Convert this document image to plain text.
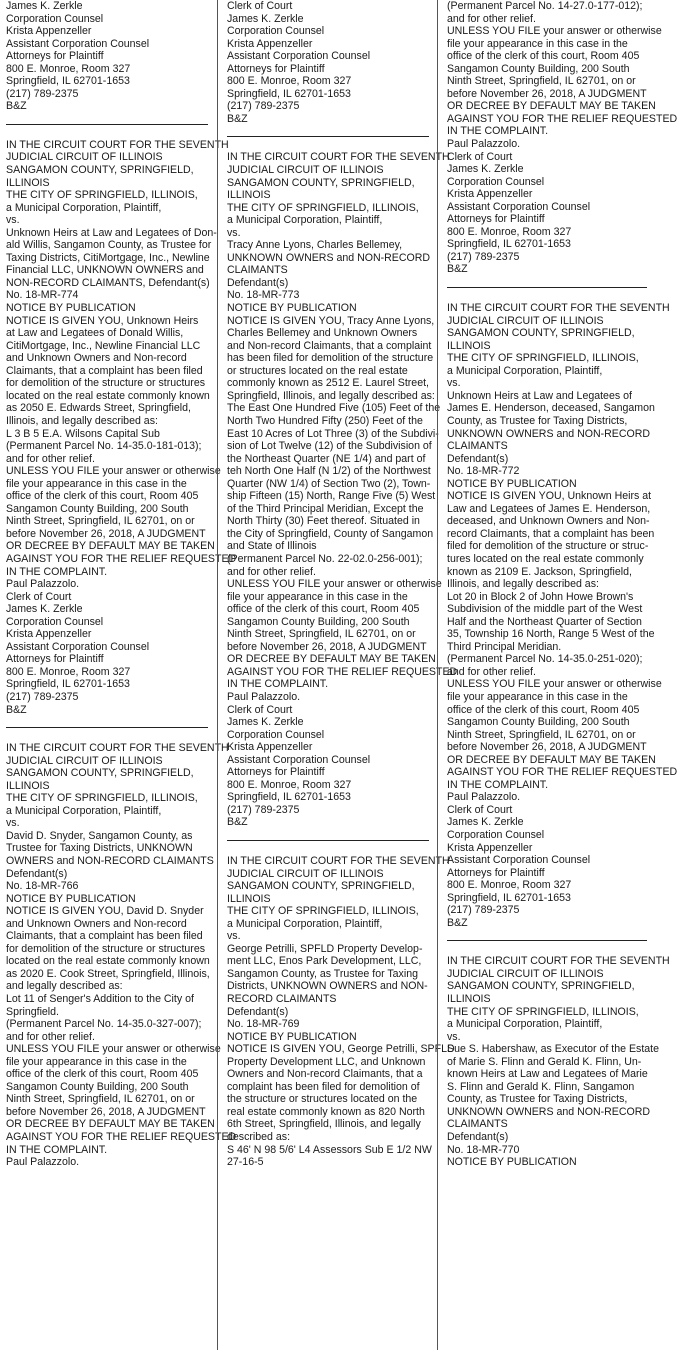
James K. Zerkle
Corporation Counsel
Krista Appenzeller
Assistant Corporation Counsel
Attorneys for Plaintiff
800 E. Monroe, Room 327
Springfield, IL 62701-1653
(217) 789-2375
B&Z
IN THE CIRCUIT COURT FOR THE SEVENTH
JUDICIAL CIRCUIT OF ILLINOIS
SANGAMON COUNTY, SPRINGFIELD,
ILLINOIS
THE CITY OF SPRINGFIELD, ILLINOIS,
a Municipal Corporation, Plaintiff,
vs.
Unknown Heirs at Law and Legatees of Don-
ald Willis, Sangamon County, as Trustee for
Taxing Districts, CitiMortgage, Inc., Newline
Financial LLC, UNKNOWN OWNERS and
NON-RECORD CLAIMANTS, Defendant(s)
No. 18-MR-774
NOTICE BY PUBLICATION
NOTICE IS GIVEN YOU, Unknown Heirs
at Law and Legatees of Donald Willis,
CitiMortgage, Inc., Newline Financial LLC
and Unknown Owners and Non-record
Claimants, that a complaint has been filed
for demolition of the structure or structures
located on the real estate commonly known
as 2050 E. Edwards Street, Springfield,
Illinois, and legally described as:
L 3 B 5 E.A. Wilsons Capital Sub
(Permanent Parcel No. 14-35.0-181-013);
and for other relief.
UNLESS YOU FILE your answer or otherwise
file your appearance in this case in the
office of the clerk of this court, Room 405
Sangamon County Building, 200 South
Ninth Street, Springfield, IL 62701, on or
before November 26, 2018, A JUDGMENT
OR DECREE BY DEFAULT MAY BE TAKEN
AGAINST YOU FOR THE RELIEF REQUESTED
IN THE COMPLAINT.
Paul Palazzolo.
Clerk of Court
James K. Zerkle
Corporation Counsel
Krista Appenzeller
Assistant Corporation Counsel
Attorneys for Plaintiff
800 E. Monroe, Room 327
Springfield, IL 62701-1653
(217) 789-2375
B&Z
IN THE CIRCUIT COURT FOR THE SEVENTH
JUDICIAL CIRCUIT OF ILLINOIS
SANGAMON COUNTY, SPRINGFIELD,
ILLINOIS
THE CITY OF SPRINGFIELD, ILLINOIS,
a Municipal Corporation, Plaintiff,
vs.
David D. Snyder, Sangamon County, as
Trustee for Taxing Districts, UNKNOWN
OWNERS and NON-RECORD CLAIMANTS
Defendant(s)
No. 18-MR-766
NOTICE BY PUBLICATION
NOTICE IS GIVEN YOU, David D. Snyder
and Unknown Owners and Non-record
Claimants, that a complaint has been filed
for demolition of the structure or structures
located on the real estate commonly known
as 2020 E. Cook Street, Springfield, Illinois,
and legally described as:
Lot 11 of Senger's Addition to the City of
Springfield.
(Permanent Parcel No. 14-35.0-327-007);
and for other relief.
UNLESS YOU FILE your answer or otherwise
file your appearance in this case in the
office of the clerk of this court, Room 405
Sangamon County Building, 200 South
Ninth Street, Springfield, IL 62701, on or
before November 26, 2018, A JUDGMENT
OR DECREE BY DEFAULT MAY BE TAKEN
AGAINST YOU FOR THE RELIEF REQUESTED
IN THE COMPLAINT.
Paul Palazzolo.
Clerk of Court
James K. Zerkle
Corporation Counsel
Krista Appenzeller
Assistant Corporation Counsel
Attorneys for Plaintiff
800 E. Monroe, Room 327
Springfield, IL 62701-1653
(217) 789-2375
B&Z
IN THE CIRCUIT COURT FOR THE SEVENTH
JUDICIAL CIRCUIT OF ILLINOIS
SANGAMON COUNTY, SPRINGFIELD,
ILLINOIS
THE CITY OF SPRINGFIELD, ILLINOIS,
a Municipal Corporation, Plaintiff,
vs.
Tracy Anne Lyons, Charles Bellemey,
UNKNOWN OWNERS and NON-RECORD
CLAIMANTS
Defendant(s)
No. 18-MR-773
NOTICE BY PUBLICATION
NOTICE IS GIVEN YOU, Tracy Anne Lyons,
Charles Bellemey and Unknown Owners
and Non-record Claimants, that a complaint
has been filed for demolition of the structure
or structures located on the real estate
commonly known as 2512 E. Laurel Street,
Springfield, Illinois, and legally described as:
The East One Hundred Five (105) Feet of the
North Two Hundred Fifty (250) Feet of the
East 10 Acres of Lot Three (3) of the Subdivi-
sion of Lot Twelve (12) of the Subdivision of
the Northeast Quarter (NE 1/4) and part of
teh North One Half (N 1/2) of the Northwest
Quarter (NW 1/4) of Section Two (2), Town-
ship Fifteen (15) North, Range Five (5) West
of the Third Principal Meridian, Except the
North Thirty (30) Feet thereof. Situated in
the City of Springfield, County of Sangamon
and State of Illinois
(Permanent Parcel No. 22-02.0-256-001);
and for other relief.
UNLESS YOU FILE your answer or otherwise
file your appearance in this case in the
office of the clerk of this court, Room 405
Sangamon County Building, 200 South
Ninth Street, Springfield, IL 62701, on or
before November 26, 2018, A JUDGMENT
OR DECREE BY DEFAULT MAY BE TAKEN
AGAINST YOU FOR THE RELIEF REQUESTED
IN THE COMPLAINT.
Paul Palazzolo.
Clerk of Court
James K. Zerkle
Corporation Counsel
Krista Appenzeller
Assistant Corporation Counsel
Attorneys for Plaintiff
800 E. Monroe, Room 327
Springfield, IL 62701-1653
(217) 789-2375
B&Z
IN THE CIRCUIT COURT FOR THE SEVENTH
JUDICIAL CIRCUIT OF ILLINOIS
SANGAMON COUNTY, SPRINGFIELD,
ILLINOIS
THE CITY OF SPRINGFIELD, ILLINOIS,
a Municipal Corporation, Plaintiff,
vs.
George Petrilli, SPFLD Property Develop-
ment LLC, Enos Park Development, LLC,
Sangamon County, as Trustee for Taxing
Districts, UNKNOWN OWNERS and NON-
RECORD CLAIMANTS
Defendant(s)
No. 18-MR-769
NOTICE BY PUBLICATION
NOTICE IS GIVEN YOU, George Petrilli, SPFLD
Property Development LLC, and Unknown
Owners and Non-record Claimants, that a
complaint has been filed for demolition of
the structure or structures located on the
real estate commonly known as 820 North
6th Street, Springfield, Illinois, and legally
described as:
S 46' N 98 5/6' L4 Assessors Sub E 1/2 NW
27-16-5
(Permanent Parcel No. 14-27.0-177-012);
and for other relief.
UNLESS YOU FILE your answer or otherwise
file your appearance in this case in the
office of the clerk of this court, Room 405
Sangamon County Building, 200 South
Ninth Street, Springfield, IL 62701, on or
before November 26, 2018, A JUDGMENT
OR DECREE BY DEFAULT MAY BE TAKEN
AGAINST YOU FOR THE RELIEF REQUESTED
IN THE COMPLAINT.
Paul Palazzolo.
Clerk of Court
James K. Zerkle
Corporation Counsel
Krista Appenzeller
Assistant Corporation Counsel
Attorneys for Plaintiff
800 E. Monroe, Room 327
Springfield, IL 62701-1653
(217) 789-2375
B&Z
IN THE CIRCUIT COURT FOR THE SEVENTH
JUDICIAL CIRCUIT OF ILLINOIS
SANGAMON COUNTY, SPRINGFIELD,
ILLINOIS
THE CITY OF SPRINGFIELD, ILLINOIS,
a Municipal Corporation, Plaintiff,
vs.
Unknown Heirs at Law and Legatees of
James E. Henderson, deceased, Sangamon
County, as Trustee for Taxing Districts,
UNKNOWN OWNERS and NON-RECORD
CLAIMANTS
Defendant(s)
No. 18-MR-772
NOTICE BY PUBLICATION
NOTICE IS GIVEN YOU, Unknown Heirs at
Law and Legatees of James E. Henderson,
deceased, and Unknown Owners and Non-
record Claimants, that a complaint has been
filed for demolition of the structure or struc-
tures located on the real estate commonly
known as 2109 E. Jackson, Springfield,
Illinois, and legally described as:
Lot 20 in Block 2 of John Howe Brown's
Subdivision of the middle part of the West
Half and the Northeast Quarter of Section
35, Township 16 North, Range 5 West of the
Third Principal Meridian.
(Permanent Parcel No. 14-35.0-251-020);
and for other relief.
UNLESS YOU FILE your answer or otherwise
file your appearance in this case in the
office of the clerk of this court, Room 405
Sangamon County Building, 200 South
Ninth Street, Springfield, IL 62701, on or
before November 26, 2018, A JUDGMENT
OR DECREE BY DEFAULT MAY BE TAKEN
AGAINST YOU FOR THE RELIEF REQUESTED
IN THE COMPLAINT.
Paul Palazzolo.
Clerk of Court
James K. Zerkle
Corporation Counsel
Krista Appenzeller
Assistant Corporation Counsel
Attorneys for Plaintiff
800 E. Monroe, Room 327
Springfield, IL 62701-1653
(217) 789-2375
B&Z
IN THE CIRCUIT COURT FOR THE SEVENTH
JUDICIAL CIRCUIT OF ILLINOIS
SANGAMON COUNTY, SPRINGFIELD,
ILLINOIS
THE CITY OF SPRINGFIELD, ILLINOIS,
a Municipal Corporation, Plaintiff,
vs.
Sue S. Habershaw, as Executor of the Estate
of Marie S. Flinn and Gerald K. Flinn, Un-
known Heirs at Law and Legatees of Marie
S. Flinn and Gerald K. Flinn, Sangamon
County, as Trustee for Taxing Districts,
UNKNOWN OWNERS and NON-RECORD
CLAIMANTS
Defendant(s)
No. 18-MR-770
NOTICE BY PUBLICATION
